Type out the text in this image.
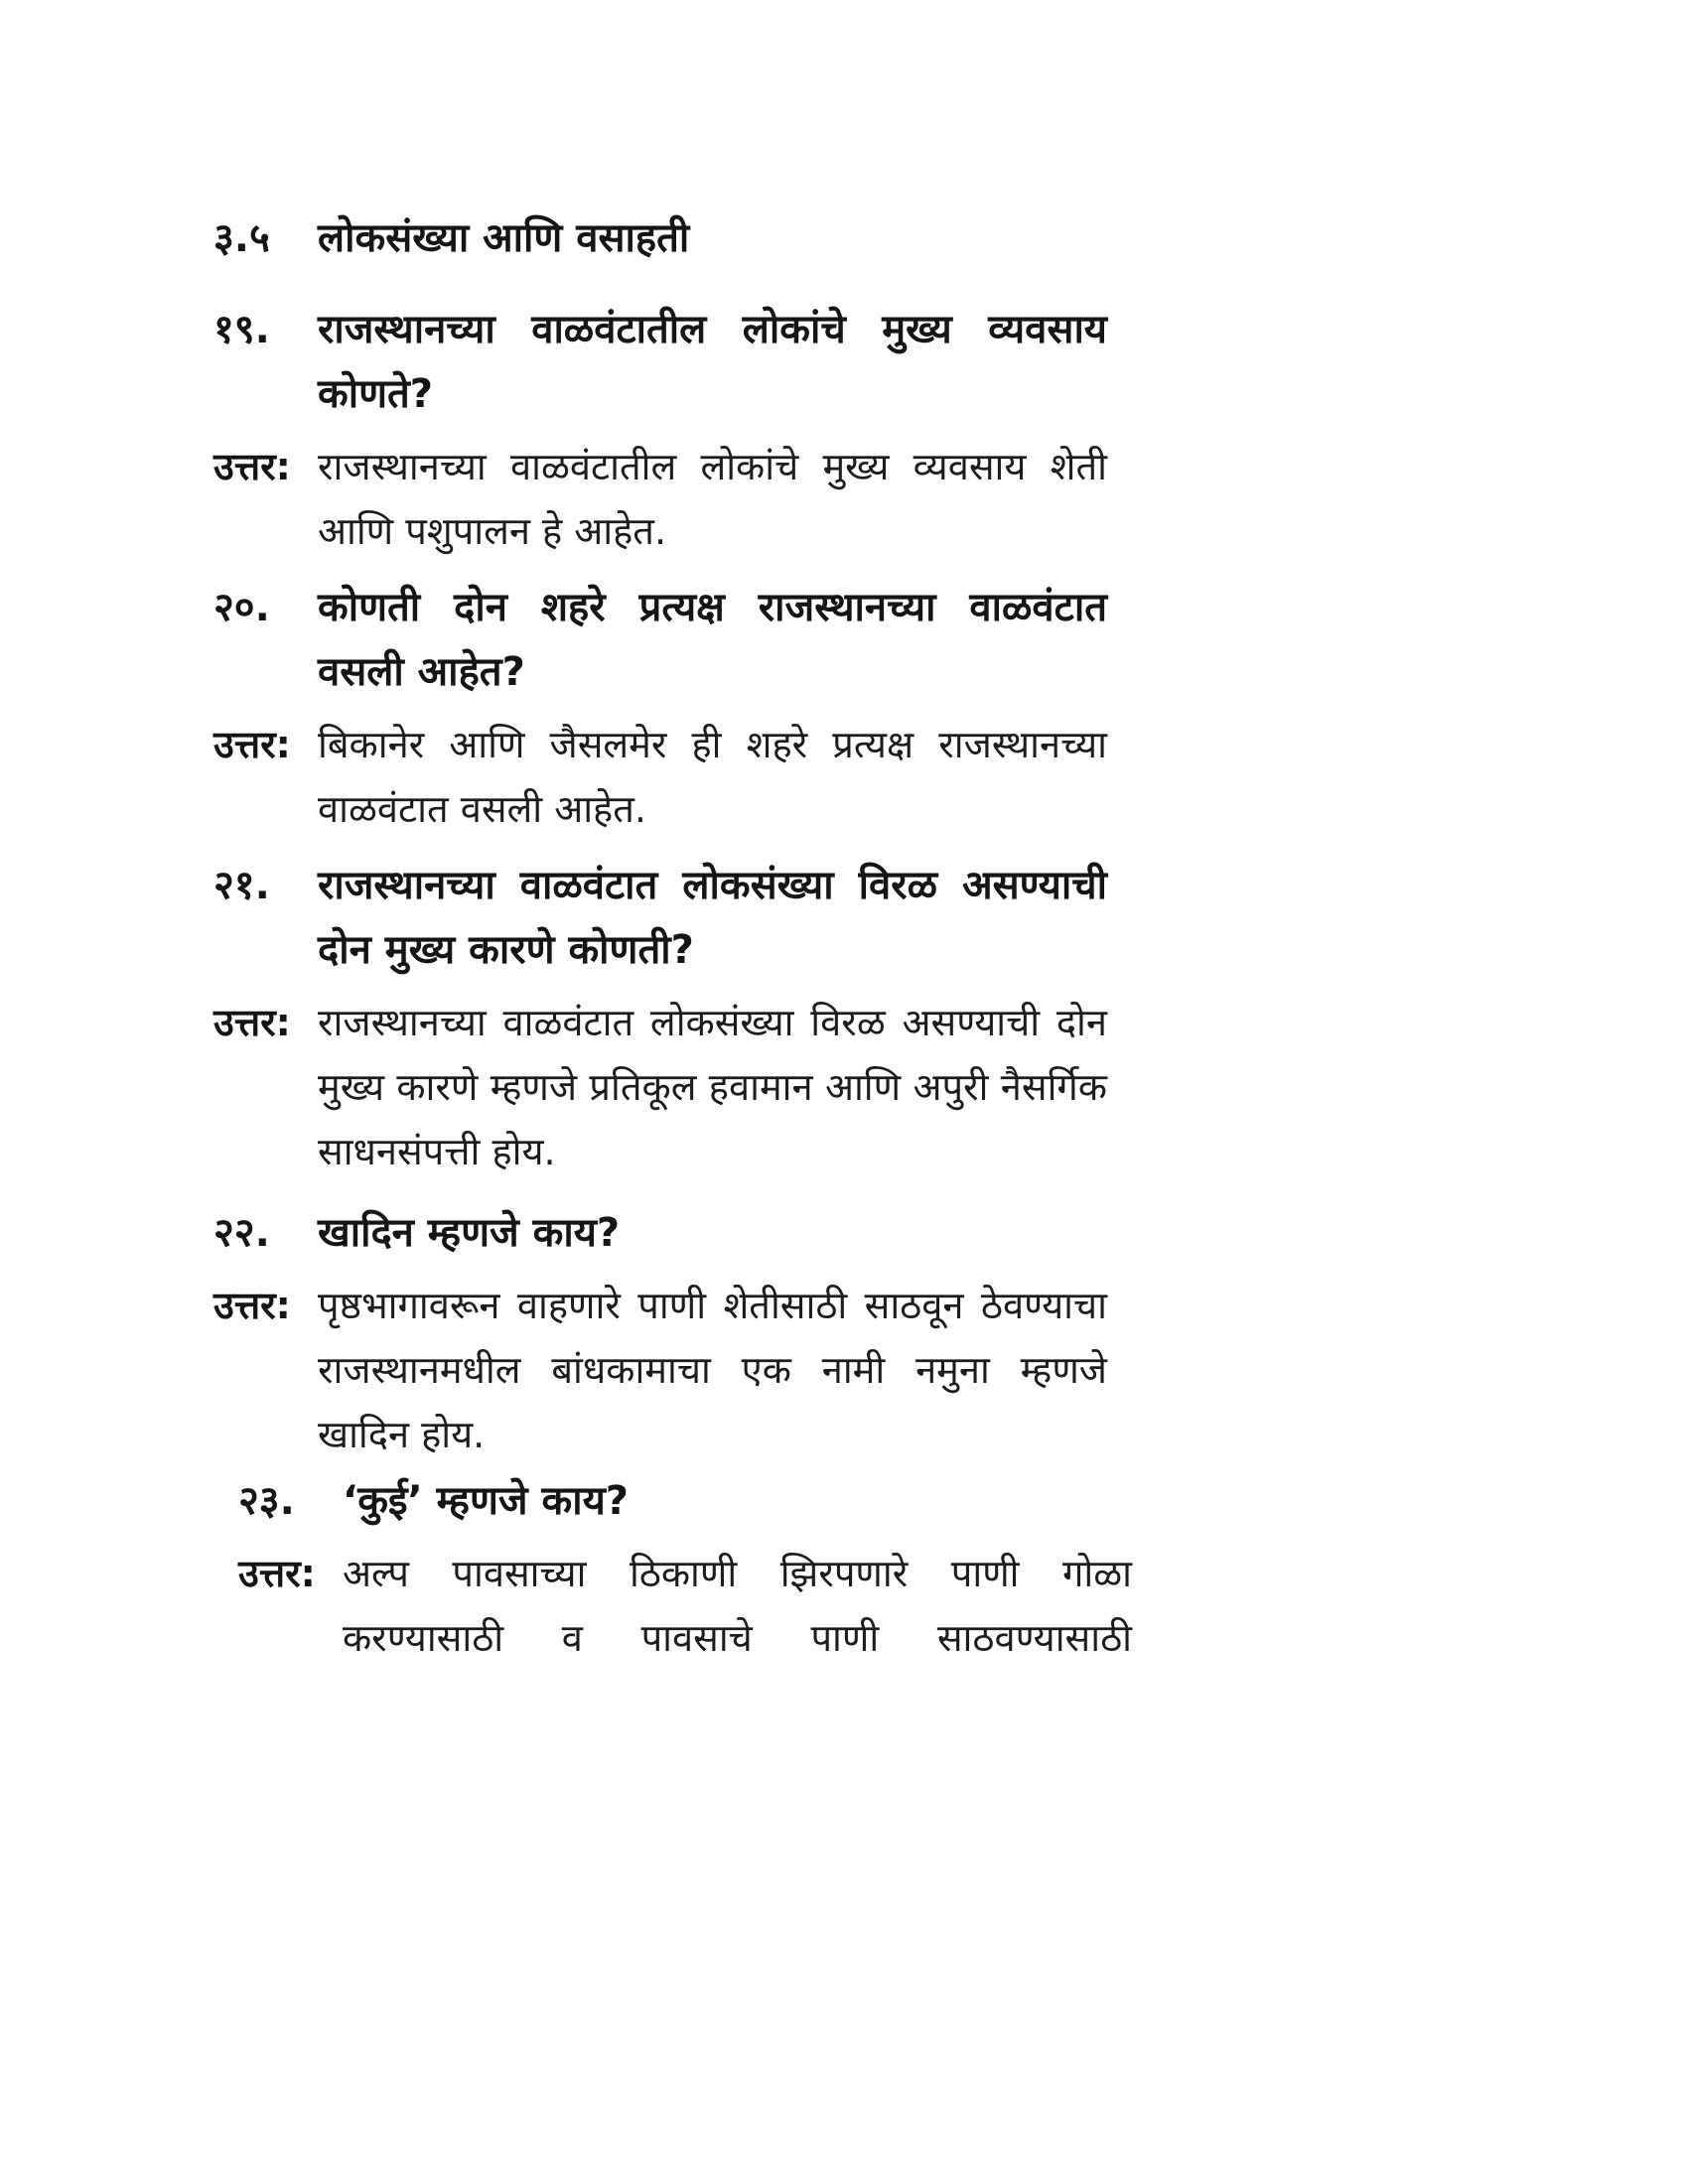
३.५ लोकसंख्या आणि वसाहती
१९.	राजस्थानच्या वाळवंटातील लोकांचे मुख्य व्यवसाय कोणते?
उत्तर: राजस्थानच्या वाळवंटातील लोकांचे मुख्य व्यवसाय शेती आणि पशुपालन हे आहेत.
२०.	कोणती दोन शहरे प्रत्यक्ष राजस्थानच्या वाळवंटात वसली आहेत?
उत्तर: बिकानेर आणि जैसलमेर ही शहरे प्रत्यक्ष राजस्थानच्या वाळवंटात वसली आहेत.
२१.	राजस्थानच्या वाळवंटात लोकसंख्या विरळ असण्याची दोन मुख्य कारणे कोणती?
उत्तर: राजस्थानच्या वाळवंटात लोकसंख्या विरळ असण्याची दोन मुख्य कारणे म्हणजे प्रतिकूल हवामान आणि अपुरी नैसर्गिक साधनसंपत्ती होय.
२२.	खादिन म्हणजे काय?
उत्तर: पृष्ठभागावरून वाहणारे पाणी शेतीसाठी साठवून ठेवण्याचा राजस्थानमधील बांधकामाचा एक नामी नमुना म्हणजे खादिन होय.
२३.	‘कुई’ म्हणजे काय?
उत्तर: अल्प पावसाच्या ठिकाणी झिरपणारे पाणी गोळा करण्यासाठी व पावसाचे पाणी साठवण्यासाठी
